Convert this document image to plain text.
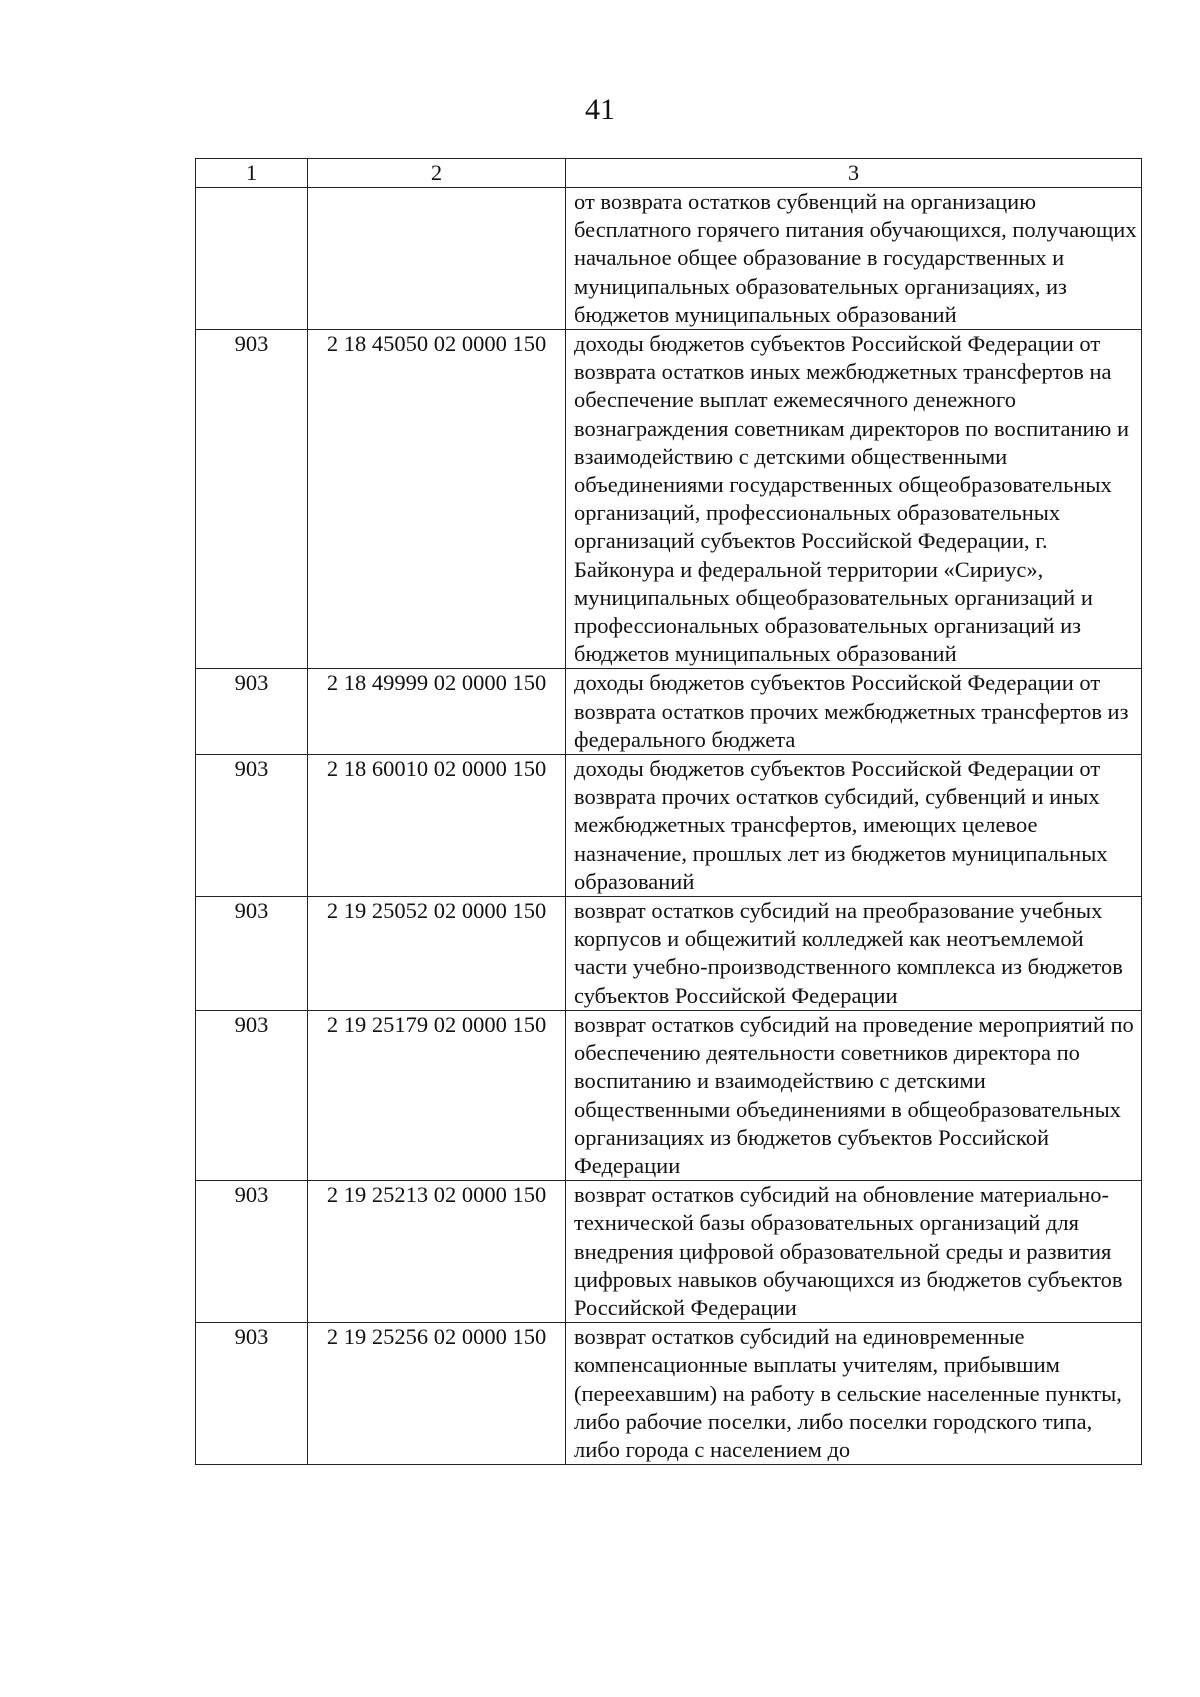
41
1	2	3
		от возврата остатков субвенций на организацию бесплатного горячего питания обучающихся, получающих начальное общее образование в государственных и муниципальных образовательных организациях, из бюджетов муниципальных образований
903	2 18 45050 02 0000 150	доходы бюджетов субъектов Российской Федерации от возврата остатков иных межбюджетных трансфертов на обеспечение выплат ежемесячного денежного вознаграждения советникам директоров по воспитанию и взаимодействию с детскими общественными объединениями государственных общеобразовательных организаций, профессиональных образовательных организаций субъектов Российской Федерации, г. Байконура и федеральной территории «Сириус», муниципальных общеобразовательных организаций и профессиональных образовательных организаций из бюджетов муниципальных образований
903	2 18 49999 02 0000 150	доходы бюджетов субъектов Российской Федерации от возврата остатков прочих межбюджетных трансфертов из федерального бюджета
903	2 18 60010 02 0000 150	доходы бюджетов субъектов Российской Федерации от возврата прочих остатков субсидий, субвенций и иных межбюджетных трансфертов, имеющих целевое назначение, прошлых лет из бюджетов муниципальных образований
903	2 19 25052 02 0000 150	возврат остатков субсидий на преобразование учебных корпусов и общежитий колледжей как неотъемлемой части учебно-производственного комплекса из бюджетов субъектов Российской Федерации
903	2 19 25179 02 0000 150	возврат остатков субсидий на проведение мероприятий по обеспечению деятельности советников директора по воспитанию и взаимодействию с детскими общественными объединениями в общеобразовательных организациях из бюджетов субъектов Российской Федерации
903	2 19 25213 02 0000 150	возврат остатков субсидий на обновление материально-технической базы образовательных организаций для внедрения цифровой образовательной среды и развития цифровых навыков обучающихся из бюджетов субъектов Российской Федерации
903	2 19 25256 02 0000 150	возврат остатков субсидий на единовременные компенсационные выплаты учителям, прибывшим (переехавшим) на работу в сельские населенные пункты, либо рабочие поселки, либо поселки городского типа, либо города с населением до
